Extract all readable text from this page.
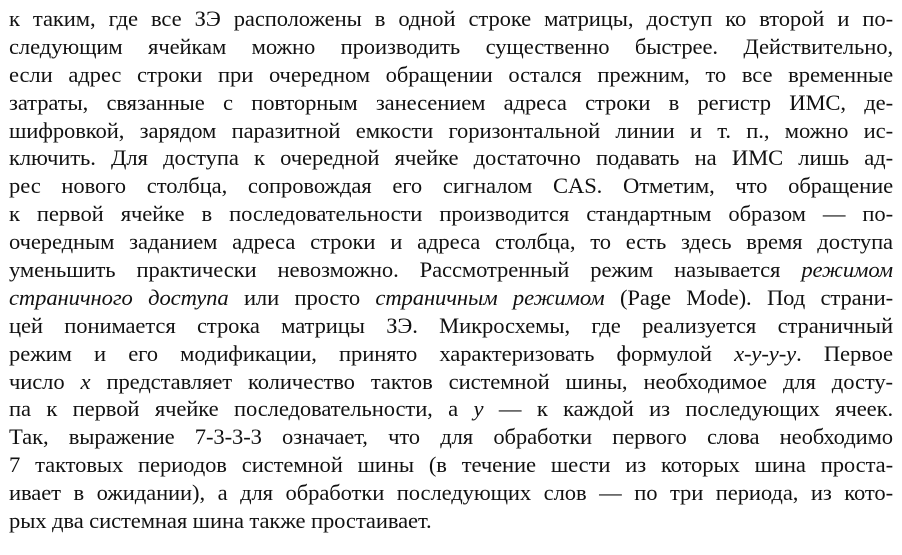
к таким, где все ЗЭ расположены в одной строке матрицы, доступ ко второй и по-
следующим ячейкам можно производить существенно быстрее. Действительно,
если адрес строки при очередном обращении остался прежним, то все временные
затраты, связанные с повторным занесением адреса строки в регистр ИМС, де-
шифровкой, зарядом паразитной емкости горизонтальной линии и т. п., можно ис-
ключить. Для доступа к очередной ячейке достаточно подавать на ИМС лишь ад-
рес нового столбца, сопровождая его сигналом CAS. Отметим, что обращение
к первой ячейке в последовательности производится стандартным образом — по-
очередным заданием адреса строки и адреса столбца, то есть здесь время доступа
уменьшить практически невозможно. Рассмотренный режим называется режимом
страничного доступа или просто страничным режимом (Page Mode). Под страни-
цей понимается строка матрицы ЗЭ. Микросхемы, где реализуется страничный
режим и его модификации, принято характеризовать формулой х-у-у-у. Первое
число х представляет количество тактов системной шины, необходимое для досту-
па к первой ячейке последовательности, а у — к каждой из последующих ячеек.
Так, выражение 7-3-3-3 означает, что для обработки первого слова необходимо
7 тактовых периодов системной шины (в течение шести из которых шина проста-
ивает в ожидании), а для обработки последующих слов — по три периода, из кото-
рых два системная шина также простаивает.
